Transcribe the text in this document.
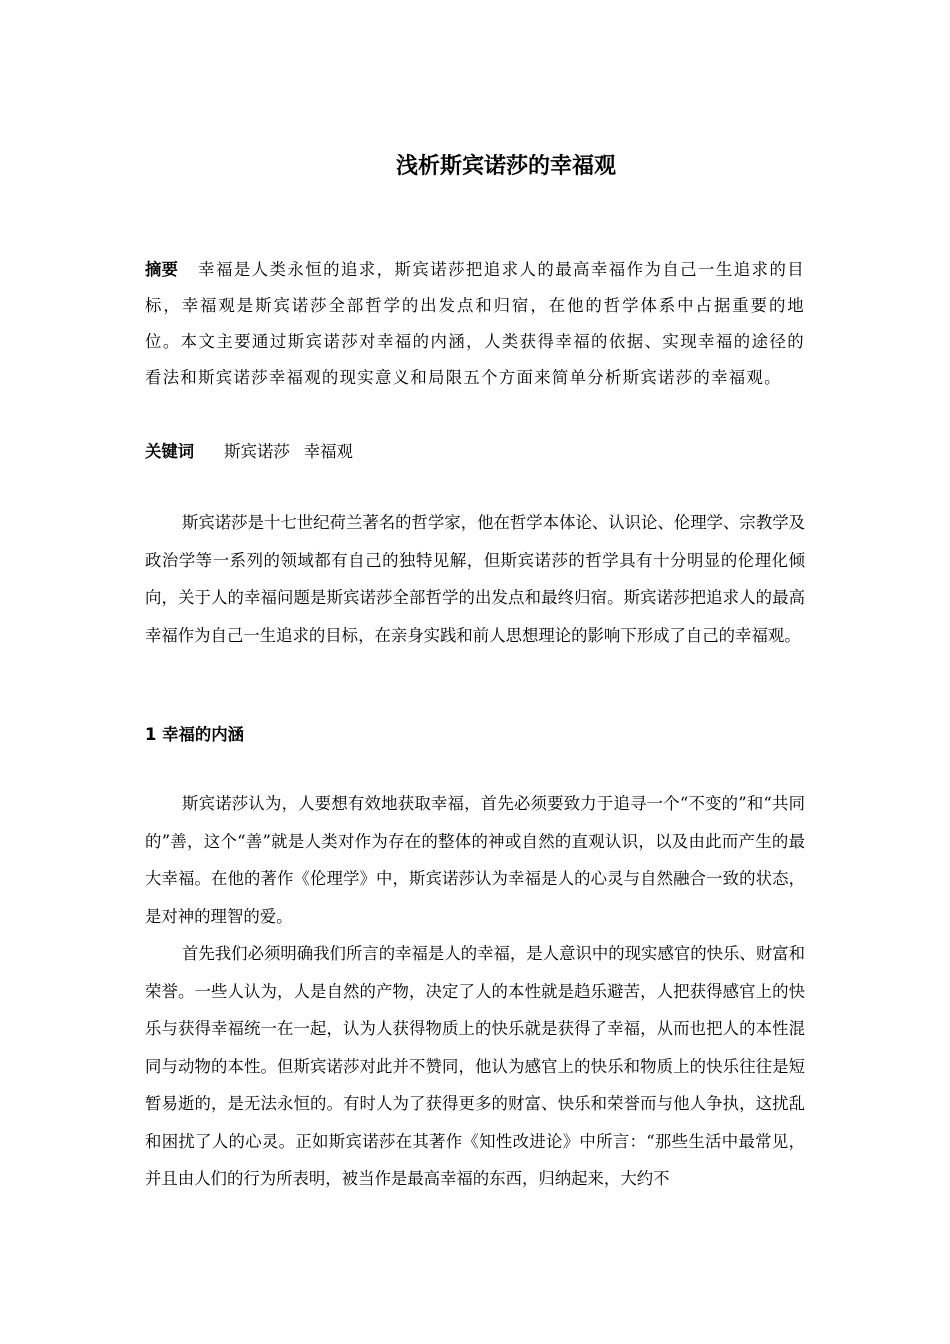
浅析斯宾诺莎的幸福观

摘要 幸福是人类永恒的追求，斯宾诺莎把追求人的最高幸福作为自己一生追求的目标，幸福观是斯宾诺莎全部哲学的出发点和归宿，在他的哲学体系中占据重要的地位。本文主要通过斯宾诺莎对幸福的内涵，人类获得幸福的依据、实现幸福的途径的看法和斯宾诺莎幸福观的现实意义和局限五个方面来简单分析斯宾诺莎的幸福观。

关键词 斯宾诺莎 幸福观

斯宾诺莎是十七世纪荷兰著名的哲学家，他在哲学本体论、认识论、伦理学、宗教学及政治学等一系列的领域都有自己的独特见解，但斯宾诺莎的哲学具有十分明显的伦理化倾向，关于人的幸福问题是斯宾诺莎全部哲学的出发点和最终归宿。斯宾诺莎把追求人的最高幸福作为自己一生追求的目标，在亲身实践和前人思想理论的影响下形成了自己的幸福观。

1 幸福的内涵

斯宾诺莎认为，人要想有效地获取幸福，首先必须要致力于追寻一个“不变的”和“共同的”善，这个“善”就是人类对作为存在的整体的神或自然的直观认识，以及由此而产生的最大幸福。在他的著作《伦理学》中，斯宾诺莎认为幸福是人的心灵与自然融合一致的状态，是对神的理智的爱。

首先我们必须明确我们所言的幸福是人的幸福，是人意识中的现实感官的快乐、财富和荣誉。一些人认为，人是自然的产物，决定了人的本性就是趋乐避苦，人把获得感官上的快乐与获得幸福统一在一起，认为人获得物质上的快乐就是获得了幸福，从而也把人的本性混同与动物的本性。但斯宾诺莎对此并不赞同，他认为感官上的快乐和物质上的快乐往往是短暂易逝的，是无法永恒的。有时人为了获得更多的财富、快乐和荣誉而与他人争执，这扰乱和困扰了人的心灵。正如斯宾诺莎在其著作《知性改进论》中所言：“那些生活中最常见，并且由人们的行为所表明，被当作是最高幸福的东西，归纳起来，大约不
